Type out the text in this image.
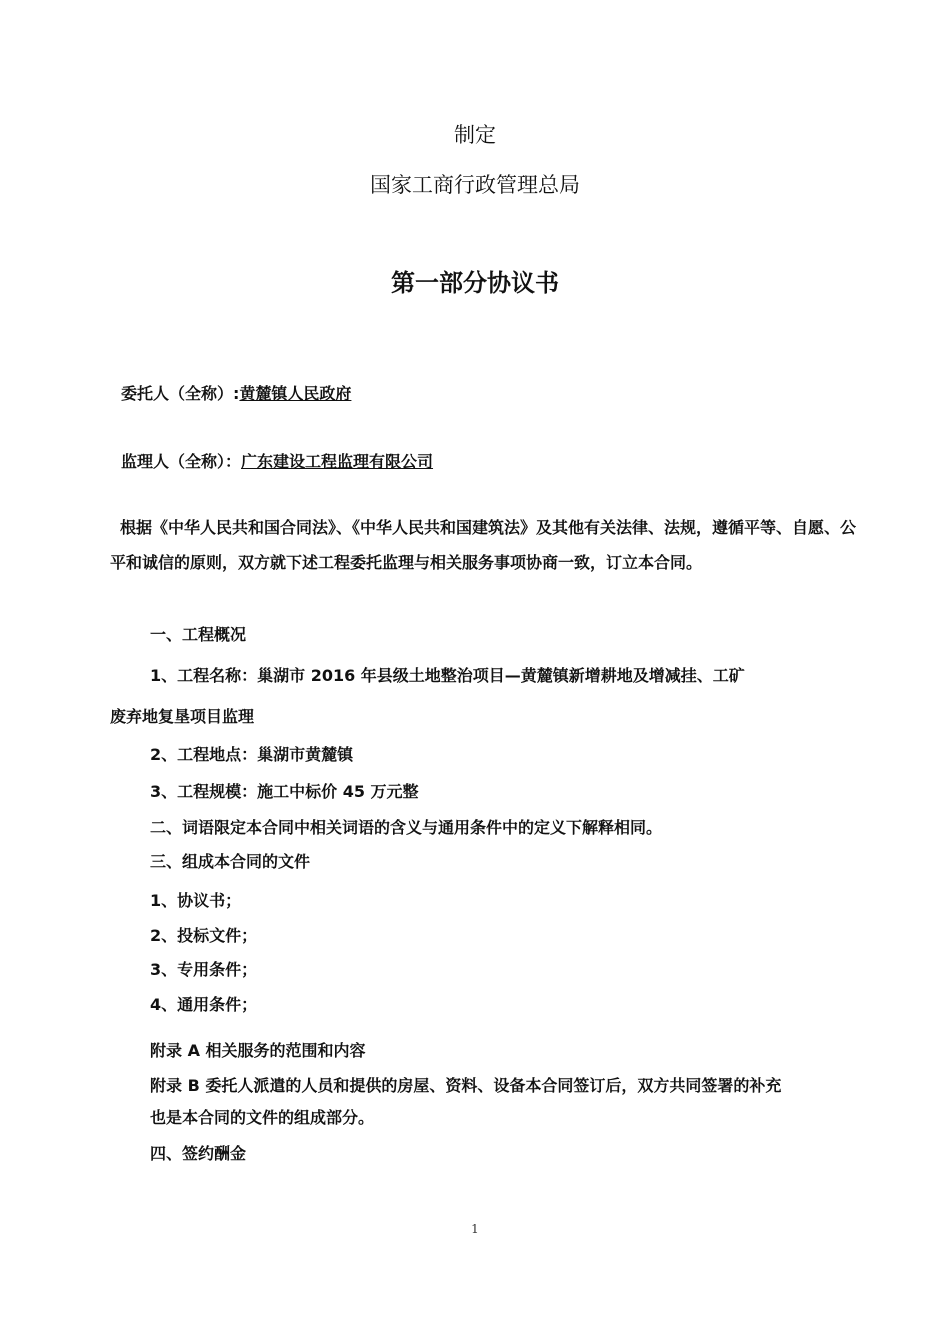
制定
国家工商行政管理总局
第一部分协议书
委托人（全称）:黄麓镇人民政府
监理人（全称）：广东建设工程监理有限公司
根据《中华人民共和国合同法》、《中华人民共和国建筑法》及其他有关法律、法规，遵循平等、自愿、公平和诚信的原则，双方就下述工程委托监理与相关服务事项协商一致，订立本合同。
一、工程概况
1、工程名称：巢湖市 2016 年县级土地整治项目—黄麓镇新增耕地及增减挂、工矿
废弃地复垦项目监理
2、工程地点：巢湖市黄麓镇
3、工程规模：施工中标价 45 万元整
二、词语限定本合同中相关词语的含义与通用条件中的定义下解释相同。
三、组成本合同的文件
1、协议书；
2、投标文件；
3、专用条件；
4、通用条件；
附录 A 相关服务的范围和内容
附录 B 委托人派遣的人员和提供的房屋、资料、设备本合同签订后，双方共同签署的补充
也是本合同的文件的组成部分。
四、签约酬金
1
